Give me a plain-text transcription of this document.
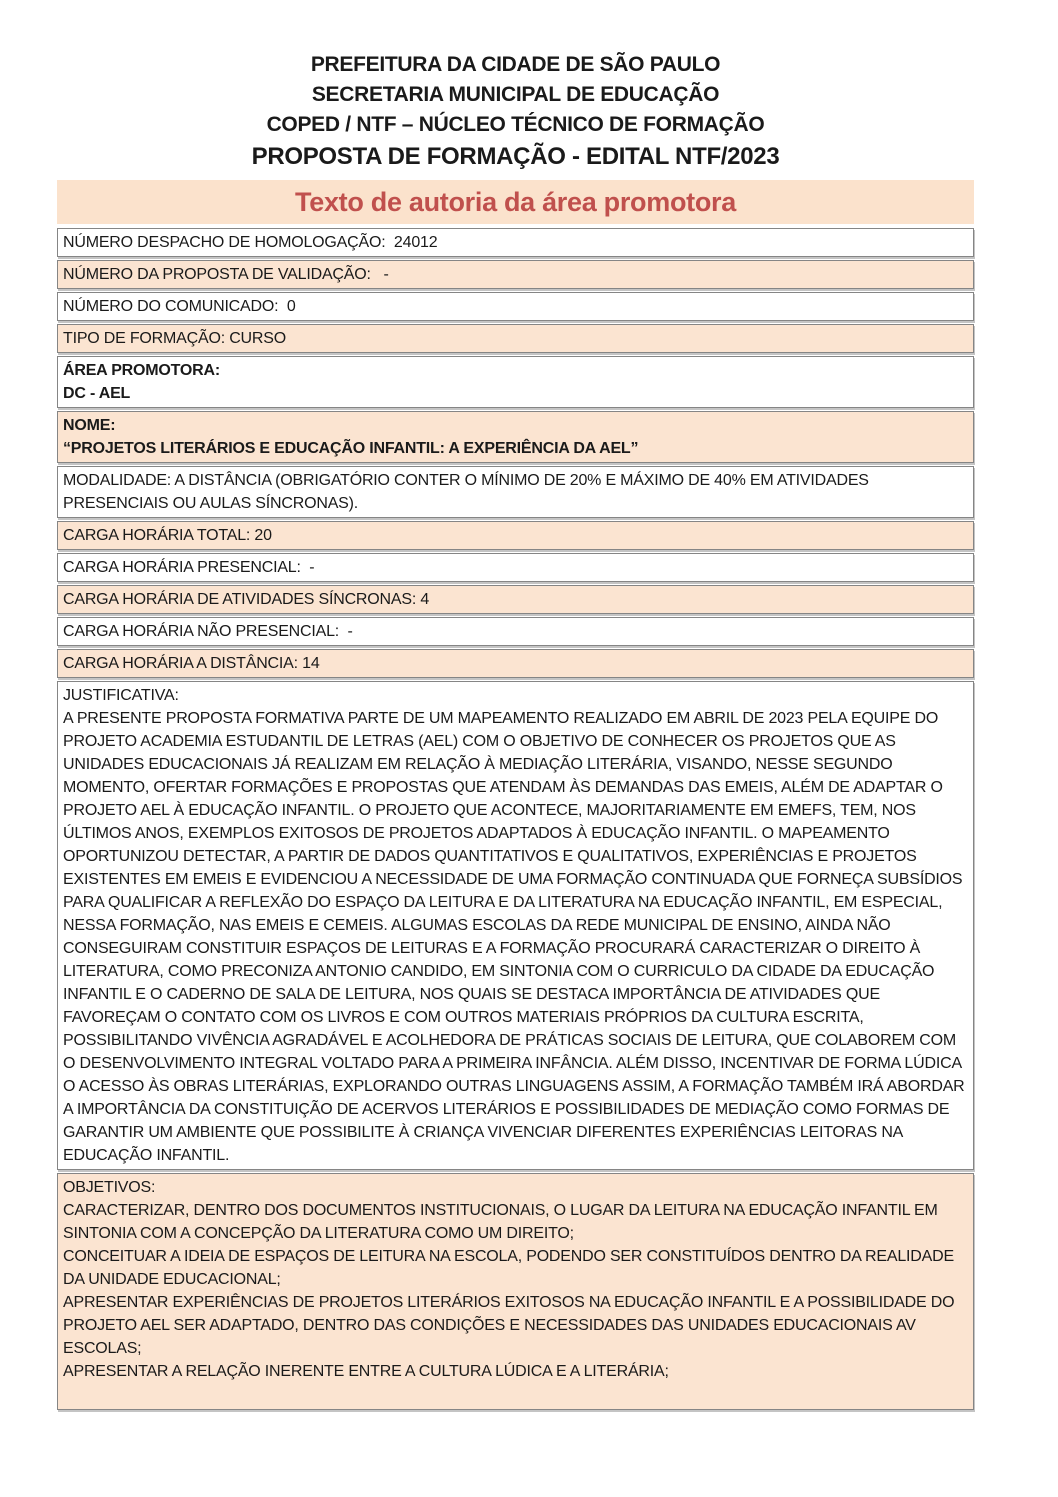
PREFEITURA DA CIDADE DE SÃO PAULO
SECRETARIA MUNICIPAL DE EDUCAÇÃO
COPED / NTF – NÚCLEO TÉCNICO DE FORMAÇÃO
PROPOSTA DE FORMAÇÃO - EDITAL NTF/2023
Texto de autoria da área promotora
NÚMERO DESPACHO DE HOMOLOGAÇÃO:  24012
NÚMERO DA PROPOSTA DE VALIDAÇÃO:   -
NÚMERO DO COMUNICADO:  0
TIPO DE FORMAÇÃO: CURSO
ÁREA PROMOTORA:
DC - AEL
NOME:
“PROJETOS LITERÁRIOS E EDUCAÇÃO INFANTIL: A EXPERIÊNCIA DA AEL”
MODALIDADE: A DISTÂNCIA (OBRIGATÓRIO CONTER O MÍNIMO DE 20% E MÁXIMO DE 40% EM ATIVIDADES PRESENCIAIS OU AULAS SÍNCRONAS).
CARGA HORÁRIA TOTAL: 20
CARGA HORÁRIA PRESENCIAL:  -
CARGA HORÁRIA DE ATIVIDADES SÍNCRONAS: 4
CARGA HORÁRIA NÃO PRESENCIAL:  -
CARGA HORÁRIA A DISTÂNCIA: 14
JUSTIFICATIVA:
A PRESENTE PROPOSTA FORMATIVA PARTE DE UM MAPEAMENTO REALIZADO EM ABRIL DE 2023 PELA EQUIPE DO PROJETO ACADEMIA ESTUDANTIL DE LETRAS (AEL) COM O OBJETIVO DE CONHECER OS PROJETOS QUE AS UNIDADES EDUCACIONAIS JÁ REALIZAM EM RELAÇÃO À MEDIAÇÃO LITERÁRIA, VISANDO, NESSE SEGUNDO MOMENTO, OFERTAR FORMAÇÕES E PROPOSTAS QUE ATENDAM ÀS DEMANDAS DAS EMEIS, ALÉM DE ADAPTAR O PROJETO AEL À EDUCAÇÃO INFANTIL. O PROJETO QUE ACONTECE, MAJORITARIAMENTE EM EMEFS, TEM, NOS ÚLTIMOS ANOS, EXEMPLOS EXITOSOS DE PROJETOS ADAPTADOS À EDUCAÇÃO INFANTIL. O MAPEAMENTO OPORTUNIZOU DETECTAR, A PARTIR DE DADOS QUANTITATIVOS E QUALITATIVOS, EXPERIÊNCIAS E PROJETOS EXISTENTES EM EMEIS E EVIDENCIOU A NECESSIDADE DE UMA FORMAÇÃO CONTINUADA QUE FORNEÇA SUBSÍDIOS PARA QUALIFICAR A REFLEXÃO DO ESPAÇO DA LEITURA E DA LITERATURA NA EDUCAÇÃO INFANTIL, EM ESPECIAL, NESSA FORMAÇÃO, NAS EMEIS E CEMEIS. ALGUMAS ESCOLAS DA REDE MUNICIPAL DE ENSINO, AINDA NÃO CONSEGUIRAM CONSTITUIR ESPAÇOS DE LEITURAS E A FORMAÇÃO PROCURARÁ CARACTERIZAR O DIREITO À LITERATURA, COMO PRECONIZA ANTONIO CANDIDO, EM SINTONIA COM O CURRICULO DA CIDADE DA EDUCAÇÃO INFANTIL E O CADERNO DE SALA DE LEITURA, NOS QUAIS SE DESTACA IMPORTÂNCIA DE ATIVIDADES QUE FAVOREÇAM O CONTATO COM OS LIVROS E COM OUTROS MATERIAIS PRÓPRIOS DA CULTURA ESCRITA, POSSIBILITANDO VIVÊNCIA AGRADÁVEL E ACOLHEDORA DE PRÁTICAS SOCIAIS DE LEITURA, QUE COLABOREM COM O DESENVOLVIMENTO INTEGRAL VOLTADO PARA A PRIMEIRA INFÂNCIA. ALÉM DISSO, INCENTIVAR DE FORMA LÚDICA O ACESSO ÀS OBRAS LITERÁRIAS, EXPLORANDO OUTRAS LINGUAGENS ASSIM, A FORMAÇÃO TAMBÉM IRÁ ABORDAR A IMPORTÂNCIA DA CONSTITUIÇÃO DE ACERVOS LITERÁRIOS E POSSIBILIDADES DE MEDIAÇÃO COMO FORMAS DE GARANTIR UM AMBIENTE QUE POSSIBILITE À CRIANÇA VIVENCIAR DIFERENTES EXPERIÊNCIAS LEITORAS NA EDUCAÇÃO INFANTIL.
OBJETIVOS:
CARACTERIZAR, DENTRO DOS DOCUMENTOS INSTITUCIONAIS, O LUGAR DA LEITURA NA EDUCAÇÃO INFANTIL EM SINTONIA COM A CONCEPÇÃO DA LITERATURA COMO UM DIREITO;
CONCEITUAR A IDEIA DE ESPAÇOS DE LEITURA NA ESCOLA, PODENDO SER CONSTITUÍDOS DENTRO DA REALIDADE DA UNIDADE EDUCACIONAL;
APRESENTAR EXPERIÊNCIAS DE PROJETOS LITERÁRIOS EXITOSOS NA EDUCAÇÃO INFANTIL E A POSSIBILIDADE DO PROJETO AEL SER ADAPTADO, DENTRO DAS CONDIÇÕES E NECESSIDADES DAS UNIDADES EDUCACIONAIS AV ESCOLAS;
APRESENTAR A RELAÇÃO INERENTE ENTRE A CULTURA LÚDICA E A LITERÁRIA;
